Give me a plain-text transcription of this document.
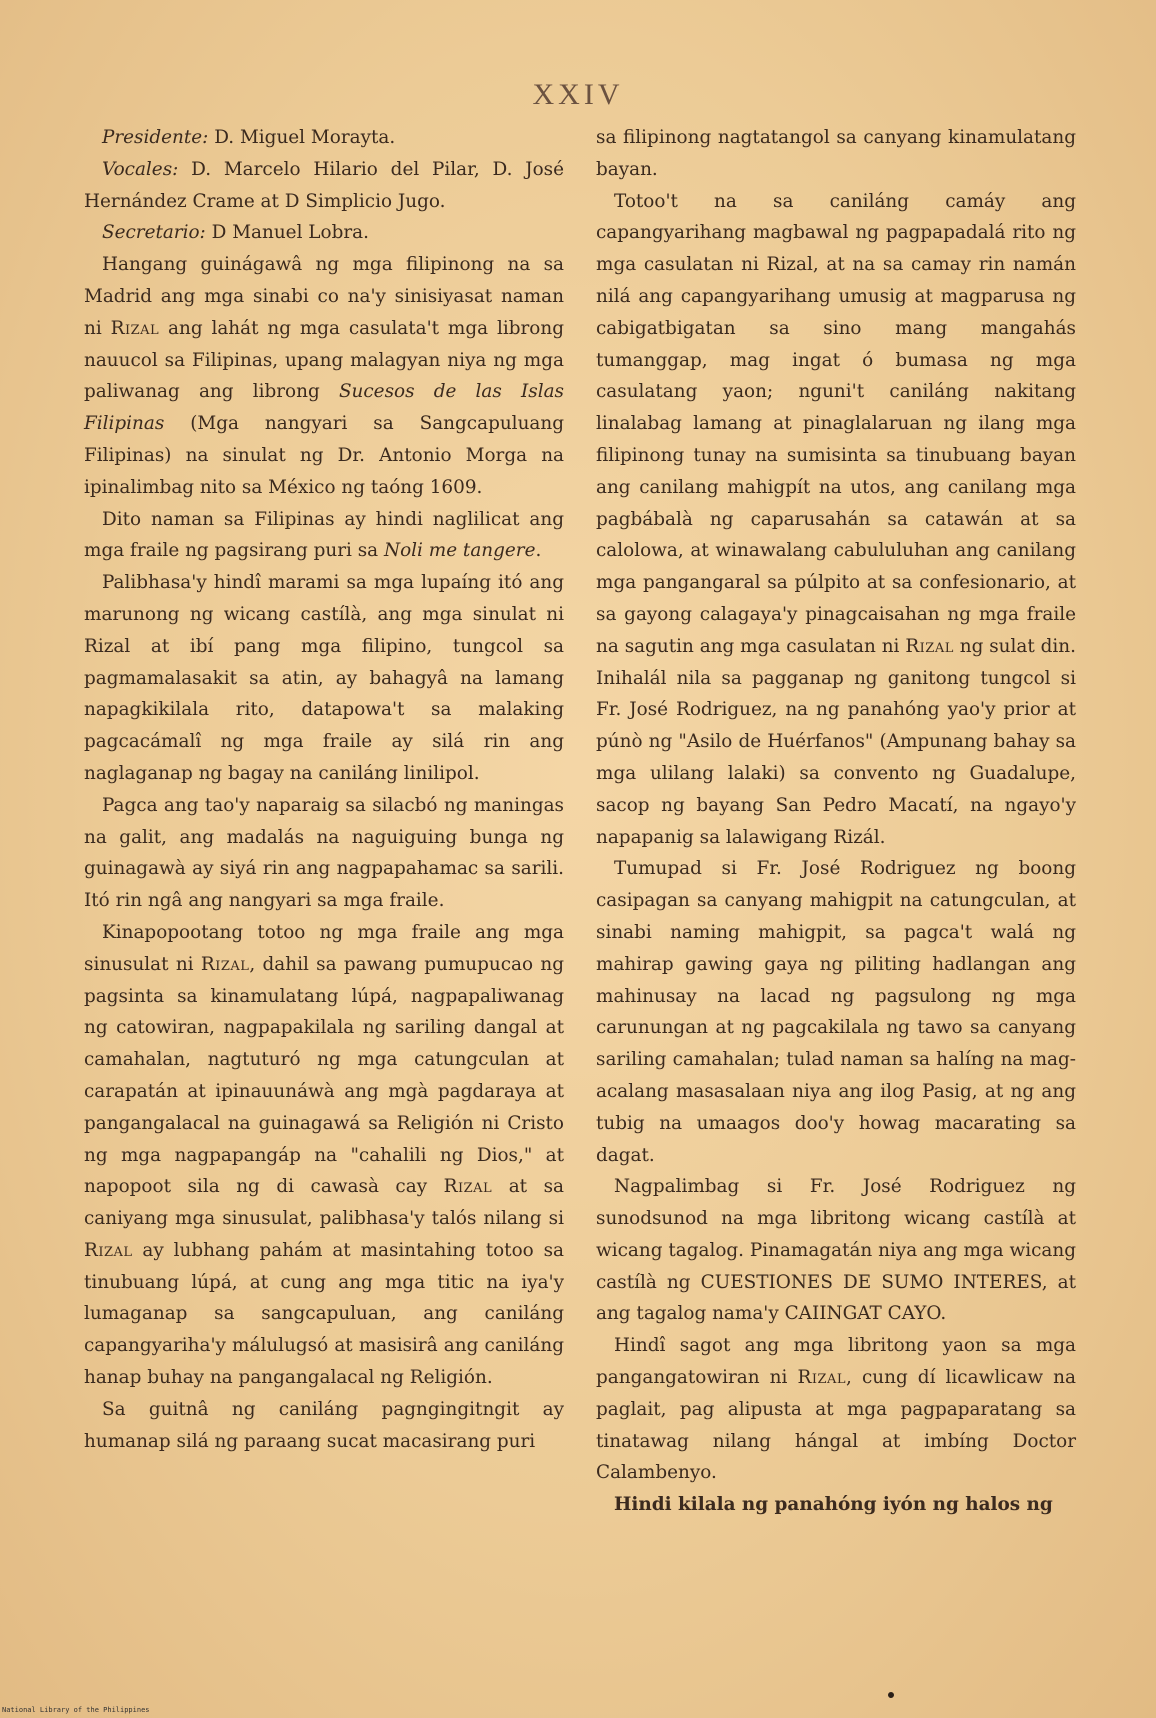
XXIV

Presidente: D. Miguel Morayta.

Vocales: D. Marcelo Hilario del Pilar, D. José Hernández Crame at D Simplicio Jugo.

Secretario: D Manuel Lobra.

Hangang guinágawâ ng mga filipinong na sa Madrid ang mga sinabi co na'y sinisiyasat naman ni Rizal ang lahát ng mga casulata't mga librong nauucol sa Filipinas, upang malagyan niya ng mga paliwanag ang librong Sucesos de las Islas Filipinas (Mga nangyari sa Sangcapuluang Filipinas) na sinulat ng Dr. Antonio Morga na ipinalimbag nito sa México ng taóng 1609.

Dito naman sa Filipinas ay hindi naglilicat ang mga fraile ng pagsirang puri sa Noli me tangere.

Palibhasa'y hindî marami sa mga lupaíng itó ang marunong ng wicang castílà, ang mga sinulat ni Rizal at ibí pang mga filipino, tungcol sa pagmamalasakit sa atin, ay bahagyâ na lamang napagkikilala rito, datapowa't sa malaking pagcacámalî ng mga fraile ay silá rin ang naglaganap ng bagay na caniláng linilipol.

Pagca ang tao'y naparaig sa silacbó ng maningas na galit, ang madalás na naguiguing bunga ng guinagawà ay siyá rin ang nagpapahamac sa sarili. Itó rin ngâ ang nangyari sa mga fraile.

Kinapopootang totoo ng mga fraile ang mga sinusulat ni Rizal, dahil sa pawang pumupucao ng pagsinta sa kinamulatang lúpá, nagpapaliwanag ng catowiran, nagpapakilala ng sariling dangal at camahalan, nagtuturó ng mga catungculan at carapatán at ipinauunáwà ang mgà pagdaraya at pangangalacal na guinagawá sa Religión ni Cristo ng mga nagpapangáp na "cahalili ng Dios," at napopoot sila ng di cawasà cay Rizal at sa caniyang mga sinusulat, palibhasa'y talós nilang si Rizal ay lubhang pahám at masintahing totoo sa tinubuang lúpá, at cung ang mga titic na iya'y lumaganap sa sangcapuluan, ang caniláng capangyariha'y málulugsó at masisirâ ang caniláng hanap buhay na pangangalacal ng Religión.

Sa guitnâ ng caniláng pagngingitngit ay humanap silá ng paraang sucat macasirang puri

sa filipinong nagtatangol sa canyang kinamulatang bayan.

Totoo't na sa caniláng camáy ang capangyarihang magbawal ng pagpapadalá rito ng mga casulatan ni Rizal, at na sa camay rin namán nilá ang capangyarihang umusig at magparusa ng cabigatbigatan sa sino mang mangahás tumanggap, mag ingat ó bumasa ng mga casulatang yaon; nguni't caniláng nakitang linalabag lamang at pinaglalaruan ng ilang mga filipinong tunay na sumisinta sa tinubuang bayan ang canilang mahigpít na utos, ang canilang mga pagbábalà ng caparusahán sa catawán at sa calolowa, at winawalang cabululuhan ang canilang mga pangangaral sa púlpito at sa confesionario, at sa gayong calagaya'y pinagcaisahan ng mga fraile na sagutin ang mga casulatan ni Rizal ng sulat din. Inihalál nila sa pagganap ng ganitong tungcol si Fr. José Rodriguez, na ng panahóng yao'y prior at púnò ng "Asilo de Huérfanos" (Ampunang bahay sa mga ulilang lalaki) sa convento ng Guadalupe, sacop ng bayang San Pedro Macatí, na ngayo'y napapanig sa lalawigang Rizál.

Tumupad si Fr. José Rodriguez ng boong casipagan sa canyang mahigpit na catungculan, at sinabi naming mahigpit, sa pagca't walá ng mahirap gawing gaya ng piliting hadlangan ang mahinusay na lacad ng pagsulong ng mga carunungan at ng pagcakilala ng tawo sa canyang sariling camahalan; tulad naman sa halíng na mag-acalang masasalaan niya ang ilog Pasig, at ng ang tubig na umaagos doo'y howag macarating sa dagat.

Nagpalimbag si Fr. José Rodriguez ng sunodsunod na mga libritong wicang castílà at wicang tagalog. Pinamagatán niya ang mga wicang castílà ng CUESTIONES DE SUMO INTERES, at ang tagalog nama'y CAIINGAT CAYO.

Hindî sagot ang mga libritong yaon sa mga pangangatowiran ni Rizal, cung dí licawlicaw na paglait, pag alipusta at mga pagpaparatang sa tinatawag nilang hángal at imbíng Doctor Calambenyo.

Hindi kilala ng panahóng iyón ng halos ng

National Library of the Philippines
